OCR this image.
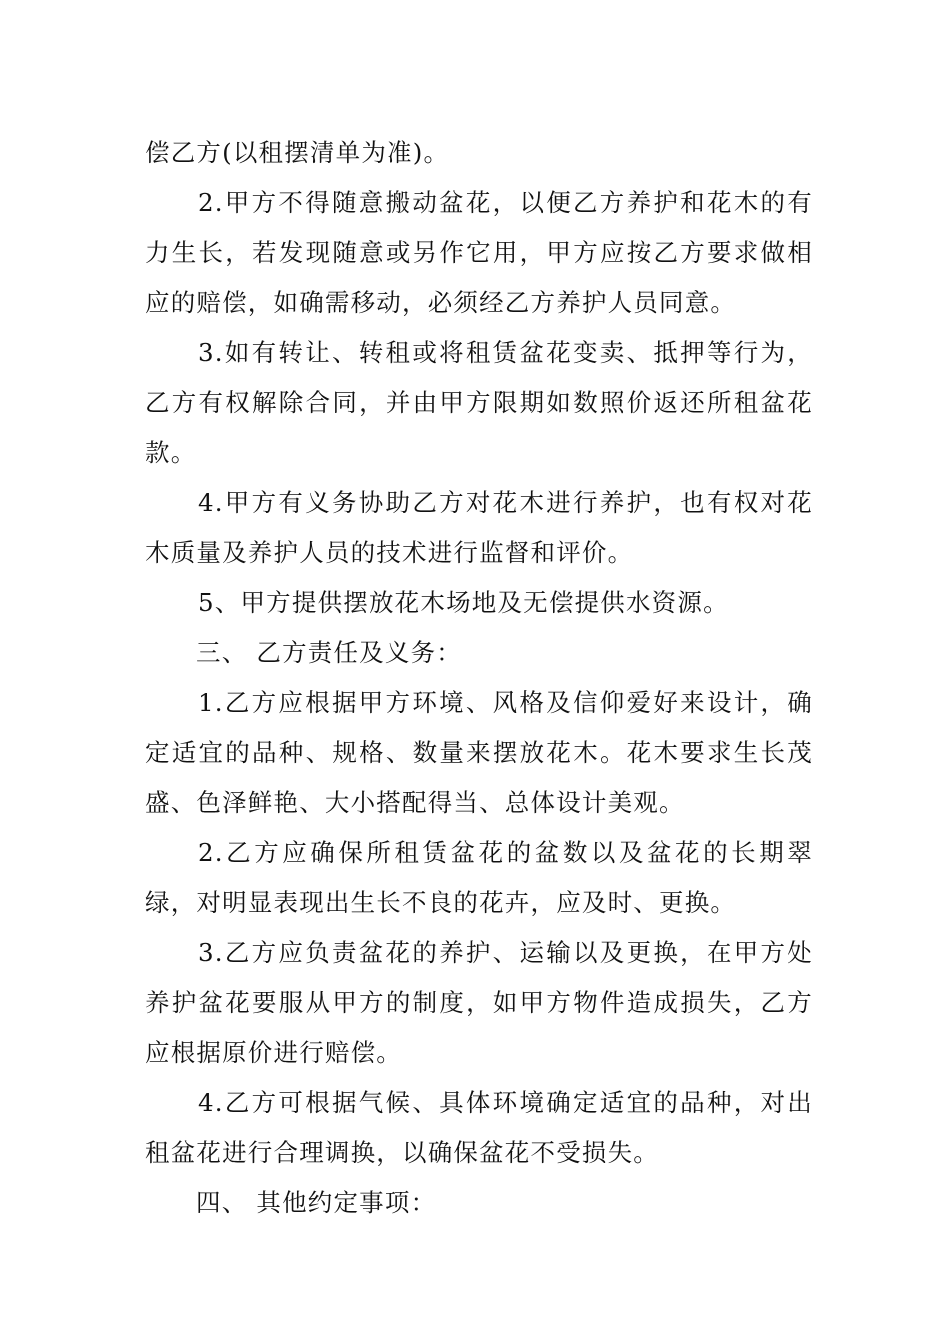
偿乙方(以租摆清单为准)。

2.甲方不得随意搬动盆花，以便乙方养护和花木的有力生长，若发现随意或另作它用，甲方应按乙方要求做相应的赔偿，如确需移动，必须经乙方养护人员同意。

3.如有转让、转租或将租赁盆花变卖、抵押等行为，乙方有权解除合同，并由甲方限期如数照价返还所租盆花款。

4.甲方有义务协助乙方对花木进行养护，也有权对花木质量及养护人员的技术进行监督和评价。

5、甲方提供摆放花木场地及无偿提供水资源。

三、 乙方责任及义务：

1.乙方应根据甲方环境、风格及信仰爱好来设计，确定适宜的品种、规格、数量来摆放花木。花木要求生长茂盛、色泽鲜艳、大小搭配得当、总体设计美观。

2.乙方应确保所租赁盆花的盆数以及盆花的长期翠绿，对明显表现出生长不良的花卉，应及时、更换。

3.乙方应负责盆花的养护、运输以及更换，在甲方处养护盆花要服从甲方的制度，如甲方物件造成损失，乙方应根据原价进行赔偿。

4.乙方可根据气候、具体环境确定适宜的品种，对出租盆花进行合理调换，以确保盆花不受损失。

四、 其他约定事项：
